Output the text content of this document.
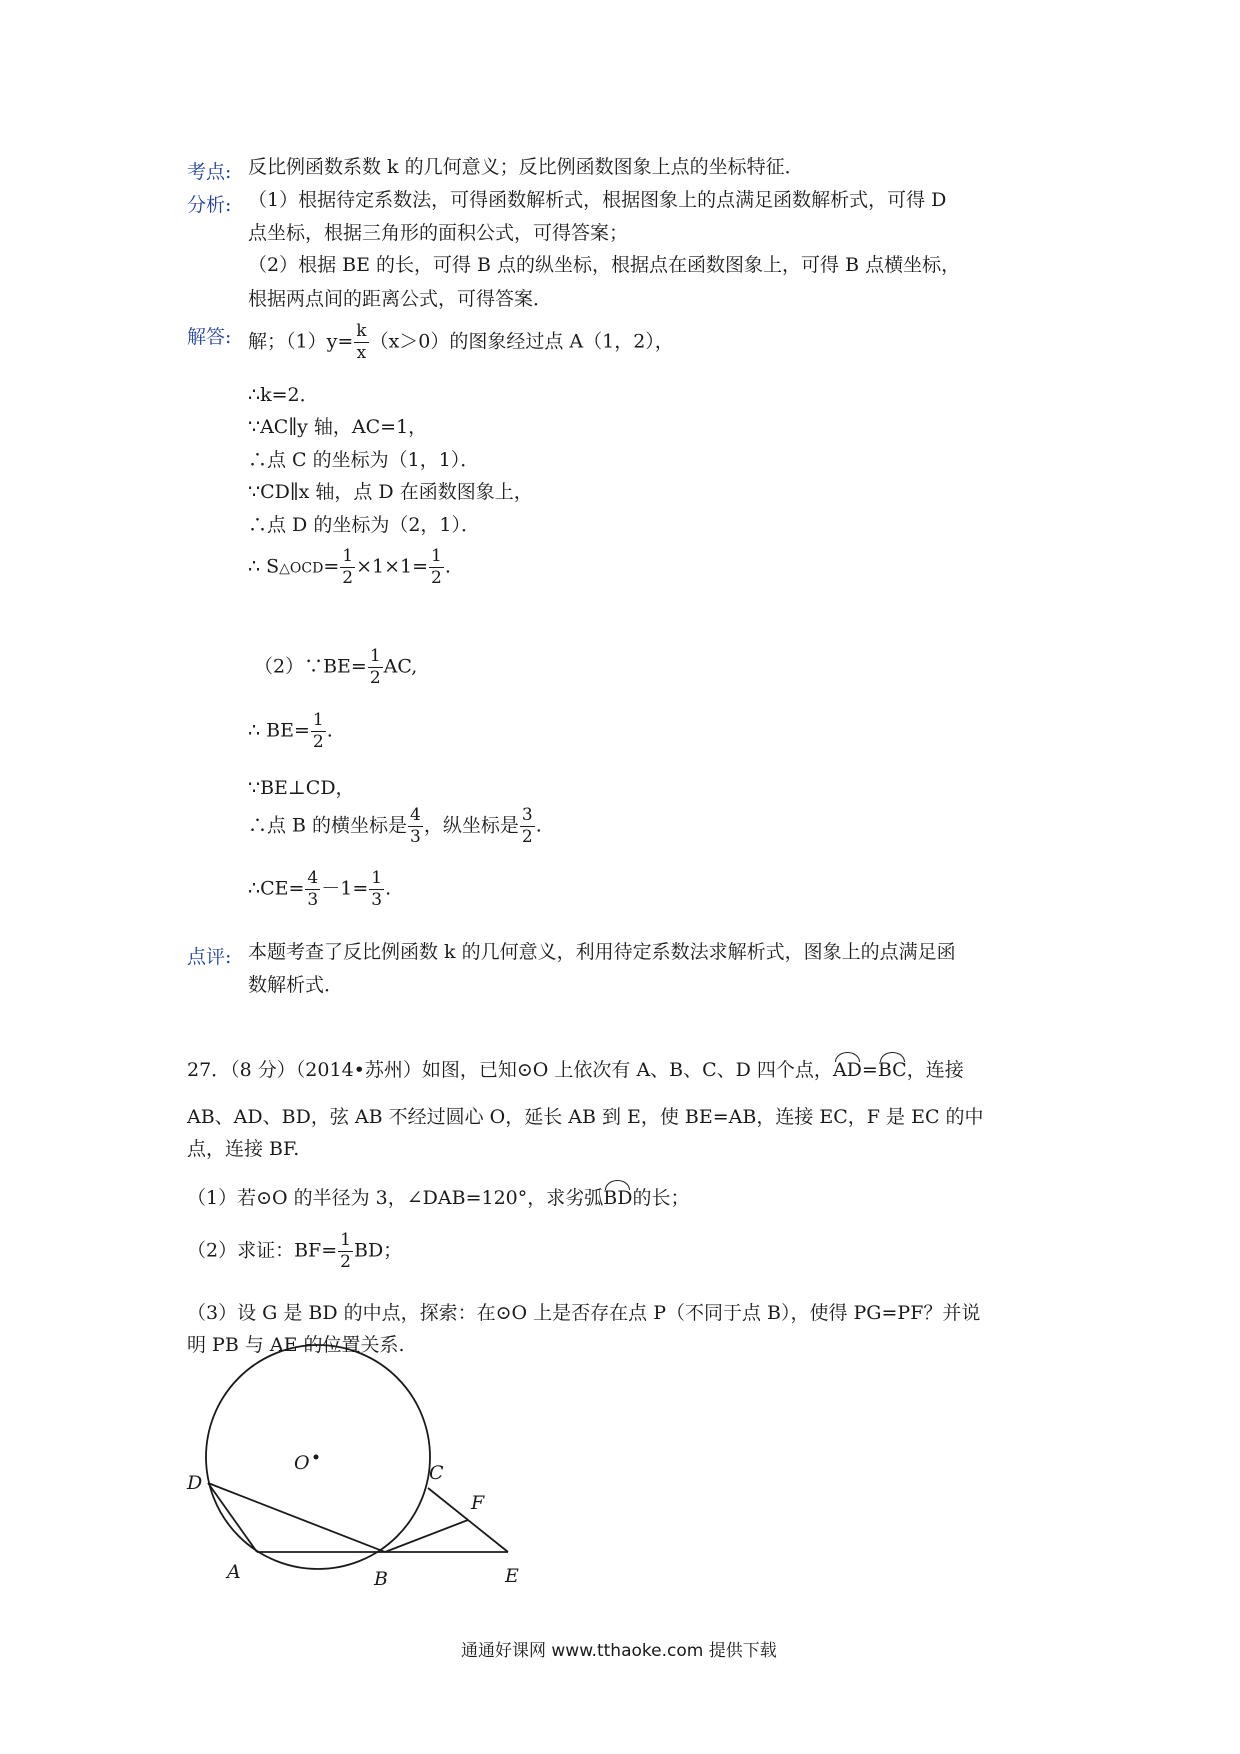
考点: 反比例函数系数 k 的几何意义；反比例函数图象上点的坐标特征．
分析: （1）根据待定系数法，可得函数解析式，根据图象上的点满足函数解析式，可得 D
点坐标，根据三角形的面积公式，可得答案；
（2）根据 BE 的长，可得 B 点的纵坐标，根据点在函数图象上，可得 B 点横坐标，
根据两点间的距离公式，可得答案．
解答: 解；$(1)y= \frac{k}{x} (x>0)$的图象经过点 A（1，2），
∴k=2．
∵AC∥y 轴，AC=1，
∴点 C 的坐标为（1，1）．
∵CD∥x 轴，点 D 在函数图象上，
∴点 D 的坐标为（2，1）．
∴ S△OCD= $\frac{1}{2} \times 1\times 1= \frac{1}{2}$ .
（2）∵BE= $\frac{1}{2}$ AC,
∴ $BE= \frac{1}{2}$ .
∵BE⊥CD，
∴点 B 的横坐标是 $\frac{4}{3}$ ，纵坐标是 $\frac{3}{2}$ .
∴CE= $\frac{4}{3} -1= \frac{1}{3}$ .
点评: 本题考查了反比例函数 k 的几何意义，利用待定系数法求解析式，图象上的点满足函
数解析式．
27．（8 分）（2014•苏州）如图，已知⊙O 上依次有 A、B、C、D 四个点，AD=BC，连接
AB、AD、BD，弦 AB 不经过圆心 O，延长 AB 到 E，使 BE=AB，连接 EC，F 是 EC 的中
点，连接 BF.
（1）若⊙O 的半径为 3，∠DAB=120°，求劣弧BD的长；
（2）求证：$BF= \frac{1}{2}$ BD；
（3）设 G 是 BD 的中点，探索：在⊙O 上是否存在点 P（不同于点 B），使得 PG=PF？并说
明 PB 与 AE 的位置关系.
O	C
D
F
A	B	E
通通好课网 www.tthaoke.com 提供下载
